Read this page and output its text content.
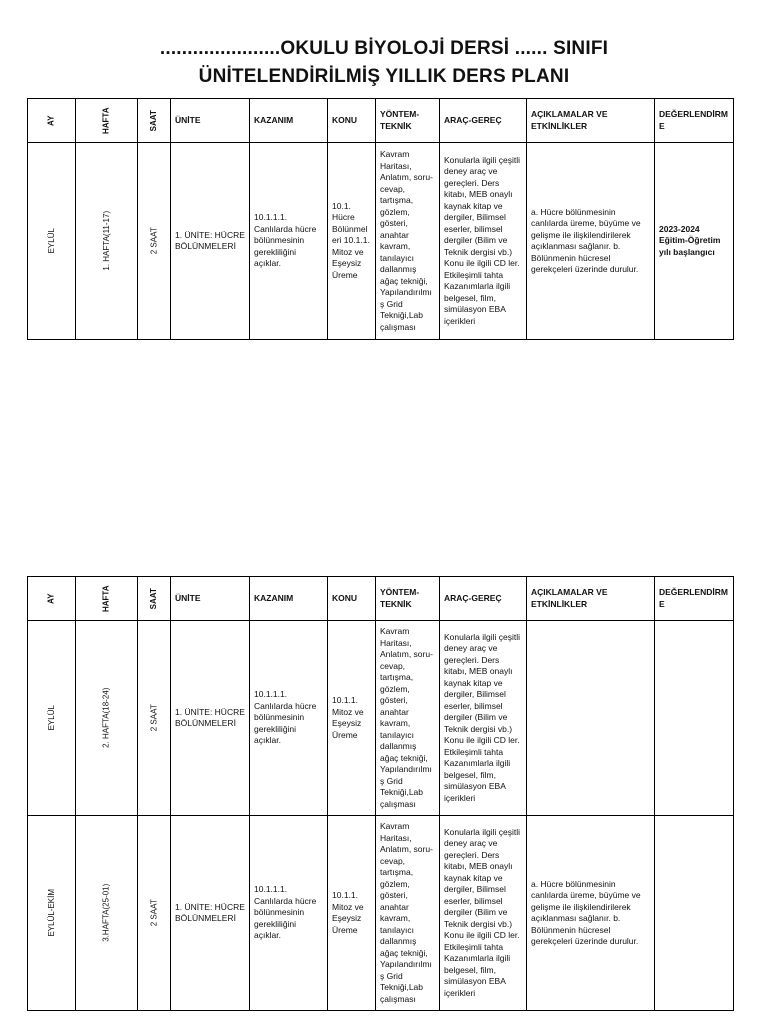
......................OKULU BİYOLOJİ DERSİ ...... SINIFI
ÜNİTELENDİRİLMİŞ YILLIK DERS PLANI
AY	HAFTA	SAAT	ÜNİTE	KAZANIM	KONU	YÖNTEM-TEKNİK	ARAÇ-GEREÇ	AÇIKLAMALAR VE ETKİNLİKLER	DEĞERLENDİRME
EYLÜL	1. HAFTA(11-17)	2 SAAT	1. ÜNİTE: HÜCRE BÖLÜNMELERİ	10.1.1.1. Canlılarda hücre bölünmesinin gerekliliğini açıklar.	10.1. Hücre Bölünmeleri 10.1.1. Mitoz ve Eşeysiz Üreme	Kavram Haritası, Anlatım, soru-cevap, tartışma, gözlem, gösteri, anahtar kavram, tanılayıcı dallanmış ağaç tekniği, Yapılandırılmış Grid Tekniği,Lab çalışması	Konularla ilgili çeşitli deney araç ve gereçleri. Ders kitabı, MEB onaylı kaynak kitap ve dergiler, Bilimsel eserler, bilimsel dergiler (Bilim ve Teknik dergisi vb.) Konu ile ilgili CD ler. Etkileşimli tahta Kazanımlarla ilgili belgesel, film, simülasyon EBA içerikleri	a. Hücre bölünmesinin canlılarda üreme, büyüme ve gelişme ile ilişkilendirilerek açıklanması sağlanır. b. Bölünmenin hücresel gerekçeleri üzerinde durulur.	2023-2024 Eğitim-Öğretim yılı başlangıcı
AY	HAFTA	SAAT	ÜNİTE	KAZANIM	KONU	YÖNTEM-TEKNİK	ARAÇ-GEREÇ	AÇIKLAMALAR VE ETKİNLİKLER	DEĞERLENDİRME
EYLÜL	2. HAFTA(18-24)	2 SAAT	1. ÜNİTE: HÜCRE BÖLÜNMELERİ	10.1.1.1. Canlılarda hücre bölünmesinin gerekliliğini açıklar.	10.1.1. Mitoz ve Eşeysiz Üreme	Kavram Haritası, Anlatım, soru-cevap, tartışma, gözlem, gösteri, anahtar kavram, tanılayıcı dallanmış ağaç tekniği, Yapılandırılmış Grid Tekniği,Lab çalışması	Konularla ilgili çeşitli deney araç ve gereçleri. Ders kitabı, MEB onaylı kaynak kitap ve dergiler, Bilimsel eserler, bilimsel dergiler (Bilim ve Teknik dergisi vb.) Konu ile ilgili CD ler. Etkileşimli tahta Kazanımlarla ilgili belgesel, film, simülasyon EBA içerikleri		
EYLÜL-EKİM	3.HAFTA(25-01)	2 SAAT	1. ÜNİTE: HÜCRE BÖLÜNMELERİ	10.1.1.1. Canlılarda hücre bölünmesinin gerekliliğini açıklar.	10.1.1. Mitoz ve Eşeysiz Üreme	Kavram Haritası, Anlatım, soru-cevap, tartışma, gözlem, gösteri, anahtar kavram, tanılayıcı dallanmış ağaç tekniği, Yapılandırılmış Grid Tekniği,Lab çalışması	Konularla ilgili çeşitli deney araç ve gereçleri. Ders kitabı, MEB onaylı kaynak kitap ve dergiler, Bilimsel eserler, bilimsel dergiler (Bilim ve Teknik dergisi vb.) Konu ile ilgili CD ler. Etkileşimli tahta Kazanımlarla ilgili belgesel, film, simülasyon EBA içerikleri	a. Hücre bölünmesinin canlılarda üreme, büyüme ve gelişme ile ilişkilendirilerek açıklanması sağlanır. b. Bölünmenin hücresel gerekçeleri üzerinde durulur.	
